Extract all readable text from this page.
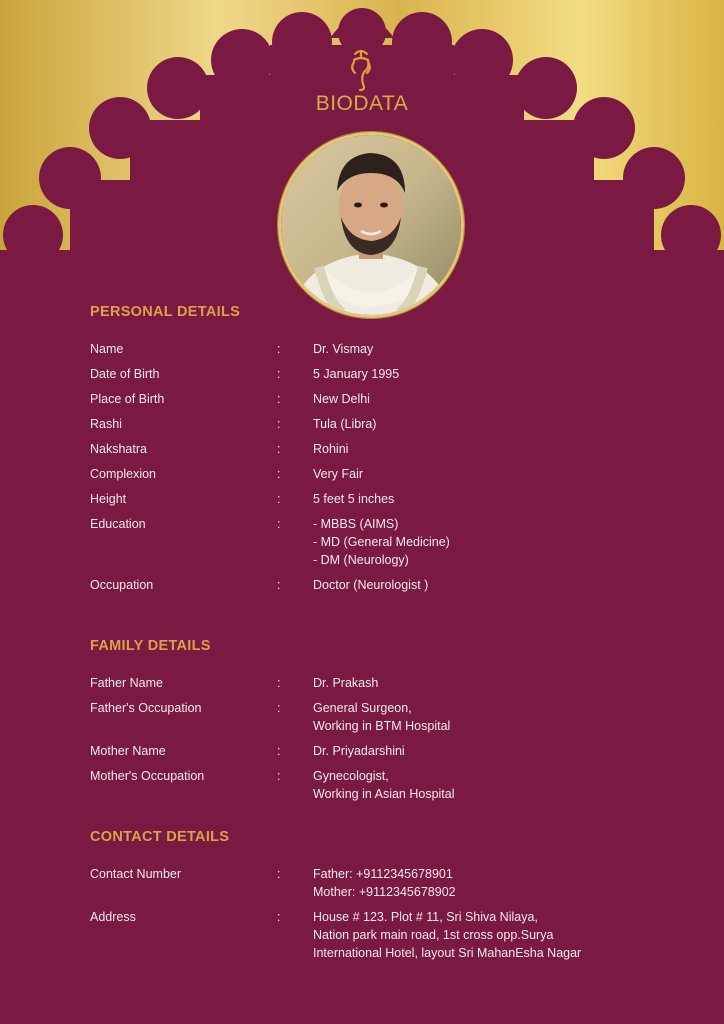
BIODATA
PERSONAL DETAILS
Name	:	Dr. Vismay
Date of Birth	:	5 January 1995
Place of Birth	:	New Delhi
Rashi	:	Tula (Libra)
Nakshatra	:	Rohini
Complexion	:	Very Fair
Height	:	5 feet 5 inches
Education	:	- MBBS (AIMS)
- MD (General Medicine)
- DM (Neurology)
Occupation	:	Doctor (Neurologist )
FAMILY DETAILS
Father Name	:	Dr. Prakash
Father's Occupation	:	General Surgeon,
Working in BTM Hospital
Mother Name	:	Dr. Priyadarshini
Mother's Occupation	:	Gynecologist,
Working in Asian Hospital
CONTACT DETAILS
Contact Number	:	Father: +9112345678901
Mother: +9112345678902
Address	:	House # 123. Plot # 11, Sri Shiva Nilaya,
Nation park main road, 1st cross opp.Surya
International Hotel, layout Sri MahanEsha Nagar
